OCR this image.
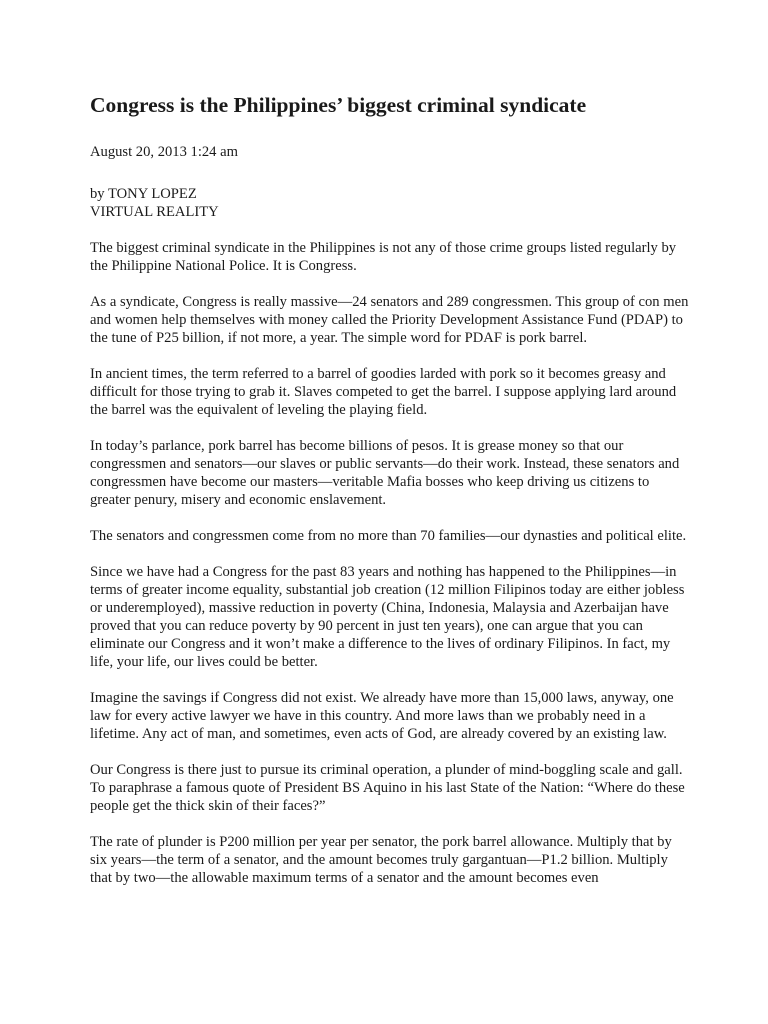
Congress is the Philippines’ biggest criminal syndicate

August 20, 2013 1:24 am

by TONY LOPEZ
VIRTUAL REALITY

The biggest criminal syndicate in the Philippines is not any of those crime groups listed regularly by the Philippine National Police. It is Congress.

As a syndicate, Congress is really massive—24 senators and 289 congressmen. This group of con men and women help themselves with money called the Priority Development Assistance Fund (PDAP) to the tune of P25 billion, if not more, a year. The simple word for PDAF is pork barrel.

In ancient times, the term referred to a barrel of goodies larded with pork so it becomes greasy and difficult for those trying to grab it. Slaves competed to get the barrel. I suppose applying lard around the barrel was the equivalent of leveling the playing field.

In today’s parlance, pork barrel has become billions of pesos. It is grease money so that our congressmen and senators—our slaves or public servants—do their work. Instead, these senators and congressmen have become our masters—veritable Mafia bosses who keep driving us citizens to greater penury, misery and economic enslavement.

The senators and congressmen come from no more than 70 families—our dynasties and political elite.

Since we have had a Congress for the past 83 years and nothing has happened to the Philippines—in terms of greater income equality, substantial job creation (12 million Filipinos today are either jobless or underemployed), massive reduction in poverty (China, Indonesia, Malaysia and Azerbaijan have proved that you can reduce poverty by 90 percent in just ten years), one can argue that you can eliminate our Congress and it won’t make a difference to the lives of ordinary Filipinos. In fact, my life, your life, our lives could be better.

Imagine the savings if Congress did not exist. We already have more than 15,000 laws, anyway, one law for every active lawyer we have in this country. And more laws than we probably need in a lifetime. Any act of man, and sometimes, even acts of God, are already covered by an existing law.

Our Congress is there just to pursue its criminal operation, a plunder of mind-boggling scale and gall. To paraphrase a famous quote of President BS Aquino in his last State of the Nation: “Where do these people get the thick skin of their faces?”

The rate of plunder is P200 million per year per senator, the pork barrel allowance. Multiply that by six years—the term of a senator, and the amount becomes truly gargantuan—P1.2 billion. Multiply that by two—the allowable maximum terms of a senator and the amount becomes even
